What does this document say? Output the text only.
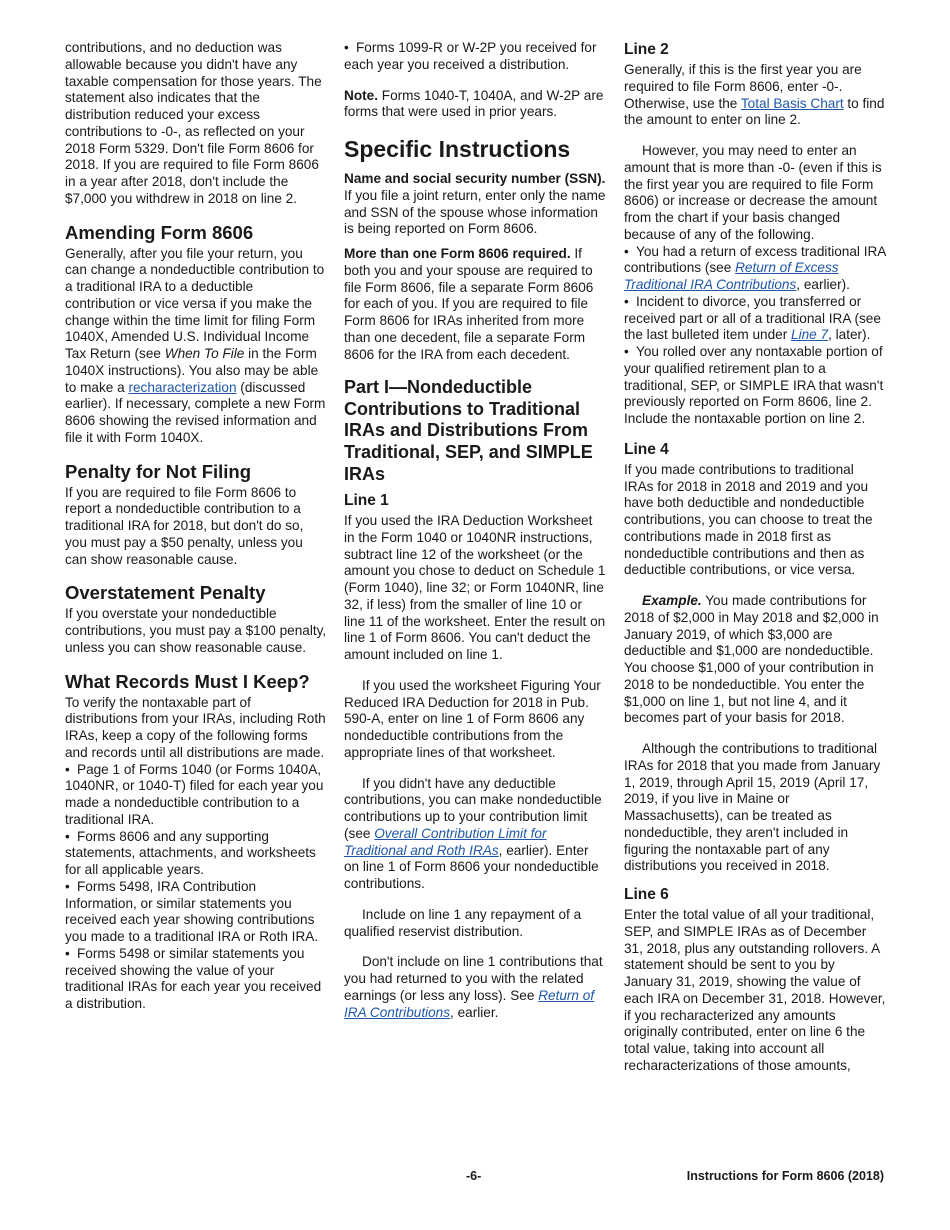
contributions, and no deduction was allowable because you didn't have any taxable compensation for those years. The statement also indicates that the distribution reduced your excess contributions to -0-, as reflected on your 2018 Form 5329. Don't file Form 8606 for 2018. If you are required to file Form 8606 in a year after 2018, don't include the $7,000 you withdrew in 2018 on line 2.

Amending Form 8606

Generally, after you file your return, you can change a nondeductible contribution to a traditional IRA to a deductible contribution or vice versa if you make the change within the time limit for filing Form 1040X, Amended U.S. Individual Income Tax Return (see When To File in the Form 1040X instructions). You also may be able to make a recharacterization (discussed earlier). If necessary, complete a new Form 8606 showing the revised information and file it with Form 1040X.

Penalty for Not Filing

If you are required to file Form 8606 to report a nondeductible contribution to a traditional IRA for 2018, but don't do so, you must pay a $50 penalty, unless you can show reasonable cause.

Overstatement Penalty

If you overstate your nondeductible contributions, you must pay a $100 penalty, unless you can show reasonable cause.

What Records Must I Keep?

To verify the nontaxable part of distributions from your IRAs, including Roth IRAs, keep a copy of the following forms and records until all distributions are made.

• Page 1 of Forms 1040 (or Forms 1040A, 1040NR, or 1040-T) filed for each year you made a nondeductible contribution to a traditional IRA.
• Forms 8606 and any supporting statements, attachments, and worksheets for all applicable years.
• Forms 5498, IRA Contribution Information, or similar statements you received each year showing contributions you made to a traditional IRA or Roth IRA.
• Forms 5498 or similar statements you received showing the value of your traditional IRAs for each year you received a distribution.

• Forms 1099-R or W-2P you received for each year you received a distribution.

Note. Forms 1040-T, 1040A, and W-2P are forms that were used in prior years.

Specific Instructions

Name and social security number (SSN). If you file a joint return, enter only the name and SSN of the spouse whose information is being reported on Form 8606.

More than one Form 8606 required. If both you and your spouse are required to file Form 8606, file a separate Form 8606 for each of you. If you are required to file Form 8606 for IRAs inherited from more than one decedent, file a separate Form 8606 for the IRA from each decedent.

Part I—Nondeductible Contributions to Traditional IRAs and Distributions From Traditional, SEP, and SIMPLE IRAs
Line 1

If you used the IRA Deduction Worksheet in the Form 1040 or 1040NR instructions, subtract line 12 of the worksheet (or the amount you chose to deduct on Schedule 1 (Form 1040), line 32; or Form 1040NR, line 32, if less) from the smaller of line 10 or line 11 of the worksheet. Enter the result on line 1 of Form 8606. You can't deduct the amount included on line 1.

If you used the worksheet Figuring Your Reduced IRA Deduction for 2018 in Pub. 590-A, enter on line 1 of Form 8606 any nondeductible contributions from the appropriate lines of that worksheet.

If you didn't have any deductible contributions, you can make nondeductible contributions up to your contribution limit (see Overall Contribution Limit for Traditional and Roth IRAs, earlier). Enter on line 1 of Form 8606 your nondeductible contributions.

Include on line 1 any repayment of a qualified reservist distribution.

Don't include on line 1 contributions that you had returned to you with the related earnings (or less any loss). See Return of IRA Contributions, earlier.

Line 2

Generally, if this is the first year you are required to file Form 8606, enter -0-. Otherwise, use the Total Basis Chart to find the amount to enter on line 2.

However, you may need to enter an amount that is more than -0- (even if this is the first year you are required to file Form 8606) or increase or decrease the amount from the chart if your basis changed because of any of the following.

• You had a return of excess traditional IRA contributions (see Return of Excess Traditional IRA Contributions, earlier).
• Incident to divorce, you transferred or received part or all of a traditional IRA (see the last bulleted item under Line 7, later).

• You rolled over any nontaxable portion of your qualified retirement plan to a traditional, SEP, or SIMPLE IRA that wasn't previously reported on Form 8606, line 2. Include the nontaxable portion on line 2.

Line 4

If you made contributions to traditional IRAs for 2018 in 2018 and 2019 and you have both deductible and nondeductible contributions, you can choose to treat the contributions made in 2018 first as nondeductible contributions and then as deductible contributions, or vice versa.

Example. You made contributions for 2018 of $2,000 in May 2018 and $2,000 in January 2019, of which $3,000 are deductible and $1,000 are nondeductible. You choose $1,000 of your contribution in 2018 to be nondeductible. You enter the $1,000 on line 1, but not line 4, and it becomes part of your basis for 2018.

Although the contributions to traditional IRAs for 2018 that you made from January 1, 2019, through April 15, 2019 (April 17, 2019, if you live in Maine or Massachusetts), can be treated as nondeductible, they aren't included in figuring the nontaxable part of any distributions you received in 2018.

Line 6

Enter the total value of all your traditional, SEP, and SIMPLE IRAs as of December 31, 2018, plus any outstanding rollovers. A statement should be sent to you by January 31, 2019, showing the value of each IRA on December 31, 2018. However, if you recharacterized any amounts originally contributed, enter on line 6 the total value, taking into account all recharacterizations of those amounts,

-6-	Instructions for Form 8606 (2018)
